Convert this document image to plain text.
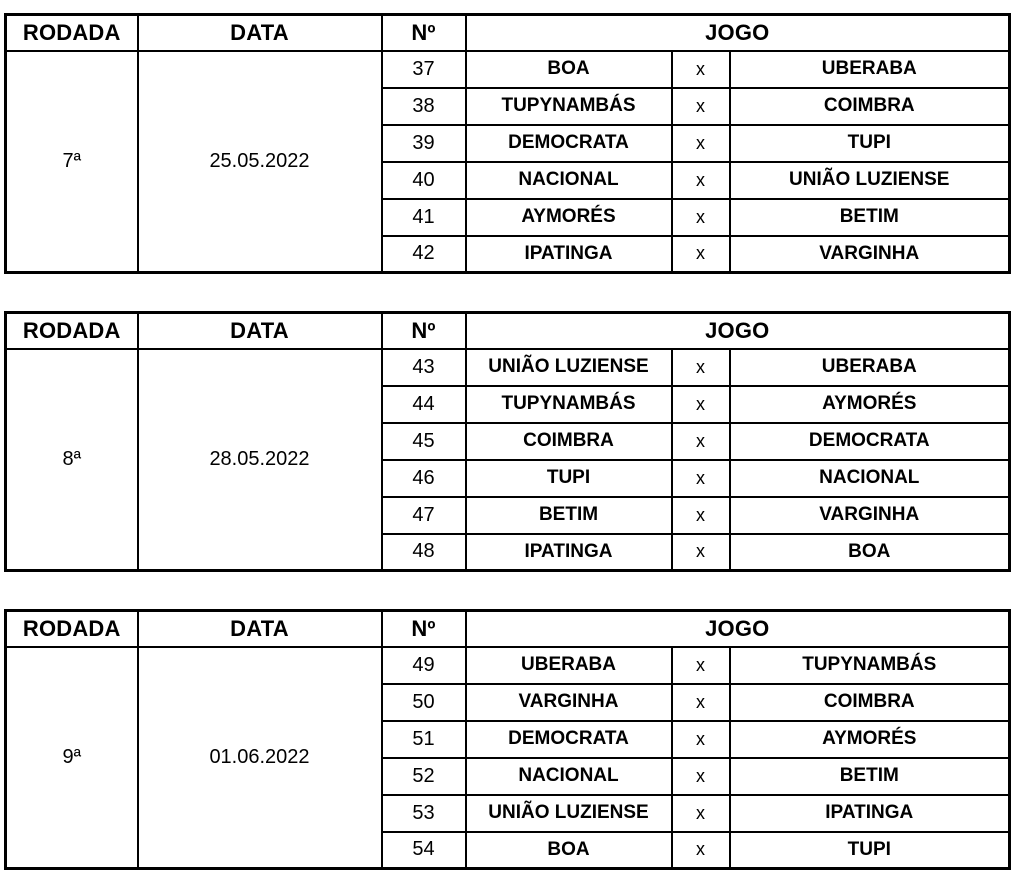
RODADA	DATA	Nº	JOGO		
7ª	25.05.2022	37	BOA	x	UBERABA
		38	TUPYNAMBÁS	x	COIMBRA
		39	DEMOCRATA	x	TUPI
		40	NACIONAL	x	UNIÃO LUZIENSE
		41	AYMORÉS	x	BETIM
		42	IPATINGA	x	VARGINHA
RODADA	DATA	Nº	JOGO		
8ª	28.05.2022	43	UNIÃO LUZIENSE	x	UBERABA
		44	TUPYNAMBÁS	x	AYMORÉS
		45	COIMBRA	x	DEMOCRATA
		46	TUPI	x	NACIONAL
		47	BETIM	x	VARGINHA
		48	IPATINGA	x	BOA
RODADA	DATA	Nº	JOGO		
9ª	01.06.2022	49	UBERABA	x	TUPYNAMBÁS
		50	VARGINHA	x	COIMBRA
		51	DEMOCRATA	x	AYMORÉS
		52	NACIONAL	x	BETIM
		53	UNIÃO LUZIENSE	x	IPATINGA
		54	BOA	x	TUPI
